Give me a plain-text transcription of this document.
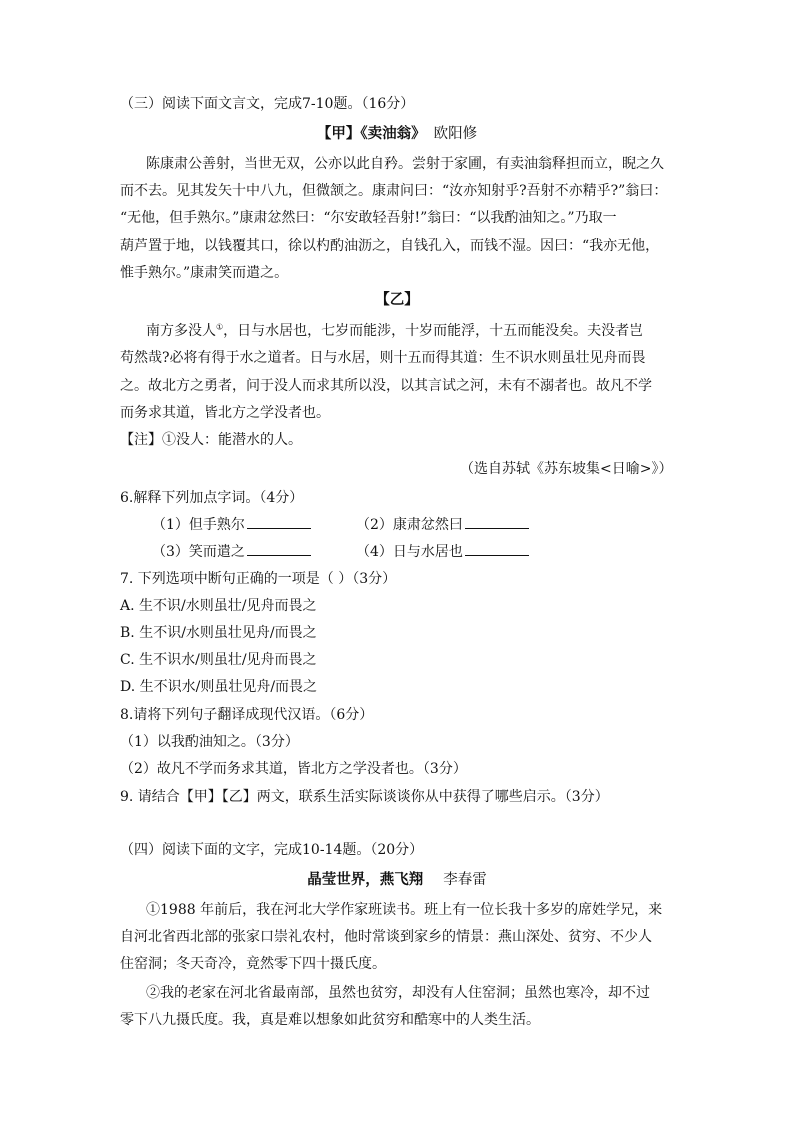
（三）阅读下面文言文，完成7-10题。（16分）
【甲】《卖油翁》 欧阳修
陈康肃公善射，当世无双，公亦以此自矜。尝射于家圃，有卖油翁释担而立，睨之久
而不去。见其发矢十中八九，但微颔之。康肃问曰：“汝亦知射乎?吾射不亦精乎?”翁曰：
“无他，但手熟尔。”康肃忿然曰：“尔安敢轻吾射!”翁曰：“以我酌油知之。”乃取一
葫芦置于地，以钱覆其口，徐以杓酌油沥之，自钱孔入，而钱不湿。因曰：“我亦无他，
惟手熟尔。”康肃笑而遣之。
【乙】
南方多没人①，日与水居也，七岁而能涉，十岁而能浮，十五而能没矣。夫没者岂
苟然哉?必将有得于水之道者。日与水居，则十五而得其道：生不识水则虽壮见舟而畏
之。故北方之勇者，问于没人而求其所以没，以其言试之河，未有不溺者也。故凡不学
而务求其道，皆北方之学没者也。
【注】①没人：能潜水的人。
（选自苏轼《苏东坡集<日喻>》）
6.解释下列加点字词。（4分）
（1）但手熟尔	（2）康肃忿然曰
（3）笑而遣之	（4）日与水居也
7. 下列选项中断句正确的一项是（ ）（3分）
A. 生不识/水则虽壮/见舟而畏之
B. 生不识/水则虽壮见舟/而畏之
C. 生不识水/则虽壮/见舟而畏之
D. 生不识水/则虽壮见舟/而畏之
8.请将下列句子翻译成现代汉语。（6分）
（1）以我酌油知之。（3分）
（2）故凡不学而务求其道，皆北方之学没者也。（3分）
9. 请结合【甲】【乙】两文，联系生活实际谈谈你从中获得了哪些启示。（3分）
（四）阅读下面的文字，完成10-14题。（20分）
晶莹世界，燕飞翔 李春雷
①1988 年前后，我在河北大学作家班读书。班上有一位长我十多岁的席姓学兄，来
自河北省西北部的张家口崇礼农村，他时常谈到家乡的情景：燕山深处、贫穷、不少人
住窑洞；冬天奇冷，竟然零下四十摄氏度。
②我的老家在河北省最南部，虽然也贫穷，却没有人住窑洞；虽然也寒冷，却不过
零下八九摄氏度。我，真是难以想象如此贫穷和酷寒中的人类生活。
